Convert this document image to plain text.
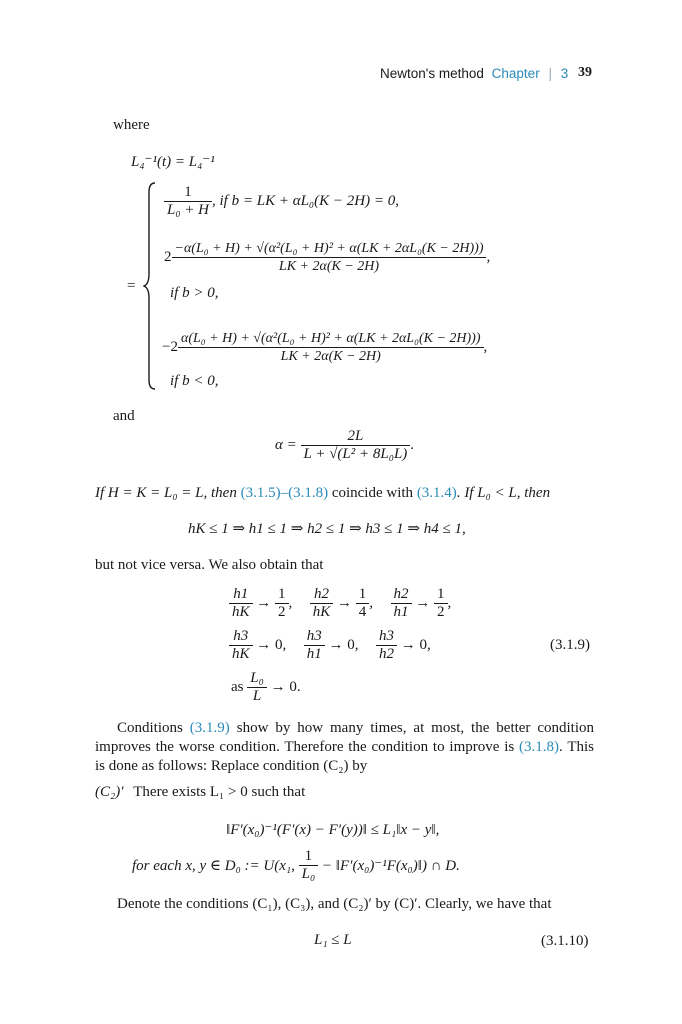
Newton's method Chapter | 3 39
where
L₄⁻¹(t) = L₄⁻¹
=
$\frac{1}{\text{L₀ + H}}$ , if b = LK + αL₀(K − 2H) = 0,
$2 \frac{\text{−α(L₀ + H) + √(α²(L₀ + H)² + α(LK + 2αL₀(K − 2H)))}}{LK + 2\alpha(K - 2H)}$ ,
if b > 0,
$-2 \frac{\text{α(L₀ + H) + √(α²(L₀ + H)² + α(LK + 2αL₀(K − 2H)))}}{LK + 2\alpha(K - 2H)}$ ,
if b < 0,
and
$\alpha = \frac{2L}{\text{L + √(L² + 8L₀L)}}$ .
If H = K = L₀ = L, then (3.1.5)–(3.1.8) coincide with (3.1.4). If L₀ < L, then
hK ≤ 1 ⇒ h1 ≤ 1 ⇒ h2 ≤ 1 ⇒ h3 ≤ 1 ⇒ h4 ≤ 1,
but not vice versa. We also obtain that
$\frac{h1}{hK} \to \frac{1}{2}$ , $\frac{h2}{hK} \to \frac{1}{4}$ , $\frac{h2}{h1} \to \frac{1}{2}$ ,
$\frac{h3}{hK} \to 0$, $\frac{h3}{h1} \to 0$, $\frac{h3}{h2} \to 0$,	(3.1.9)
as $\frac{\text{L₀}}{L} \to 0$.
Conditions (3.1.9) show by how many times, at most, the better condition improves the worse condition. Therefore the condition to improve is (3.1.8). This is done as follows: Replace condition (C₂) by
(C₂)′ There exists L₁ > 0 such that
‖F′(x₀)⁻¹(F′(x) − F′(y))‖ ≤ L₁‖x − y‖,
for each x, y ∈ D₀ := U(x₁, $\frac{1}{\text{L₀}}$ − ‖F′(x₀)⁻¹F(x₀)‖) ∩ D.
Denote the conditions (C₁), (C₃), and (C₂)′ by (C)′. Clearly, we have that
L₁ ≤ L	(3.1.10)
